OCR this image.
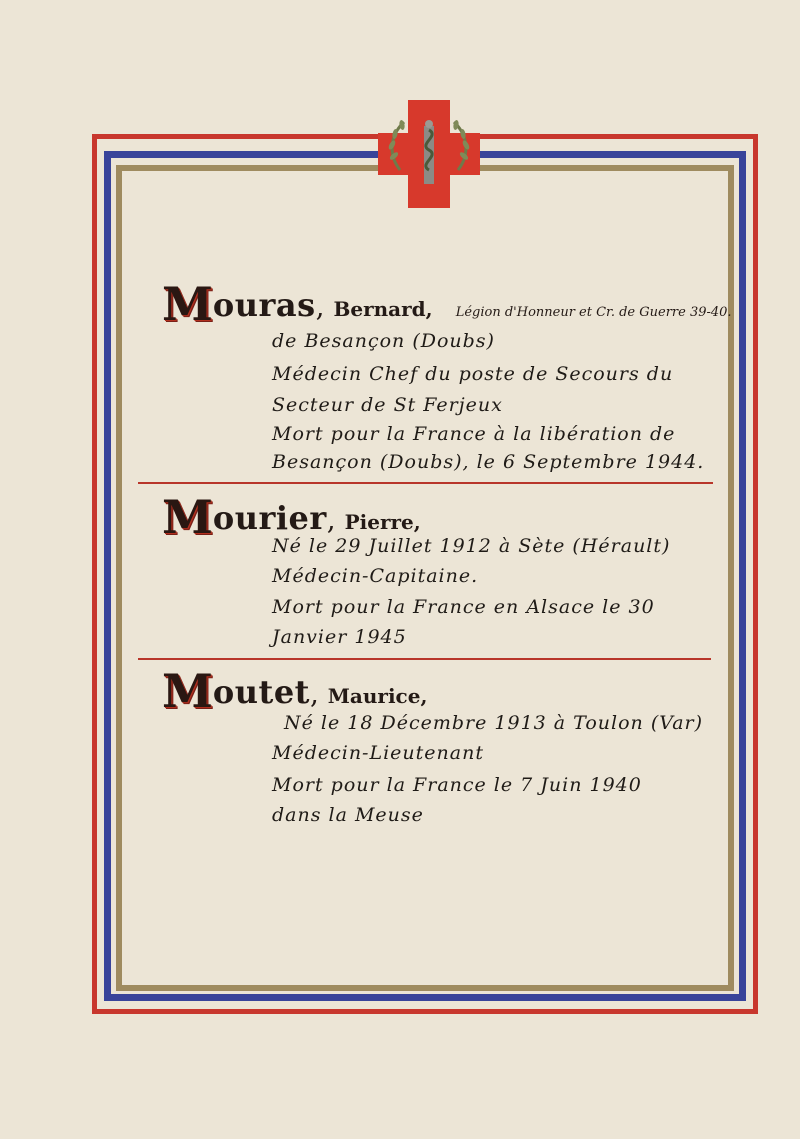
Mouras, Bernard, Légion d'Honneur et Cr. de Guerre 39-40.
de Besançon (Doubs)
Médecin Chef du poste de Secours du
Secteur de St Ferjeux
Mort pour la France à la libération de
Besançon (Doubs), le 6 Septembre 1944.
Mourier, Pierre,
Né le 29 Juillet 1912 à Sète (Hérault)
Médecin-Capitaine.
Mort pour la France en Alsace le 30
Janvier 1945
Moutet, Maurice,
Né le 18 Décembre 1913 à Toulon (Var)
Médecin-Lieutenant
Mort pour la France le 7 Juin 1940
dans la Meuse
